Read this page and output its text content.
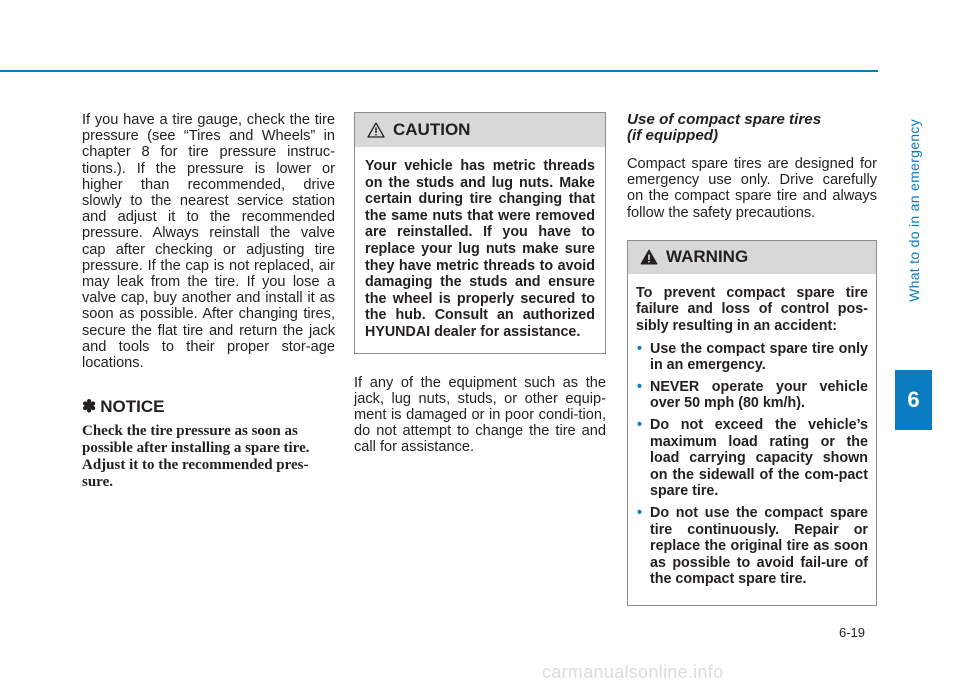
What to do in an emergency
6

If you have a tire gauge, check the tire pressure (see “Tires and Wheels” in chapter 8 for tire pressure instruc-tions.). If the pressure is lower or higher than recommended, drive slowly to the nearest service station and adjust it to the recommended pressure. Always reinstall the valve cap after checking or adjusting tire pressure. If the cap is not replaced, air may leak from the tire. If you lose a valve cap, buy another and install it as soon as possible. After changing tires, secure the flat tire and return the jack and tools to their proper stor-age locations.

✽ NOTICE

Check the tire pressure as soon as possible after installing a spare tire. Adjust it to the recommended pres-sure.

CAUTION

Your vehicle has metric threads on the studs and lug nuts. Make certain during tire changing that the same nuts that were removed are reinstalled. If you have to replace your lug nuts make sure they have metric threads to avoid damaging the studs and ensure the wheel is properly secured to the hub. Consult an authorized HYUNDAI dealer for assistance.

If any of the equipment such as the jack, lug nuts, studs, or other equip-ment is damaged or in poor condi-tion, do not attempt to change the tire and call for assistance.

Use of compact spare tires
(if equipped)

Compact spare tires are designed for emergency use only. Drive carefully on the compact spare tire and always follow the safety precautions.

WARNING

To prevent compact spare tire failure and loss of control pos-sibly resulting in an accident:

• Use the compact spare tire only in an emergency.
• NEVER operate your vehicle over 50 mph (80 km/h).
• Do not exceed the vehicle’s maximum load rating or the load carrying capacity shown on the sidewall of the com-pact spare tire.
• Do not use the compact spare tire continuously. Repair or replace the original tire as soon as possible to avoid fail-ure of the compact spare tire.
6-19
carmanualsonline.info
